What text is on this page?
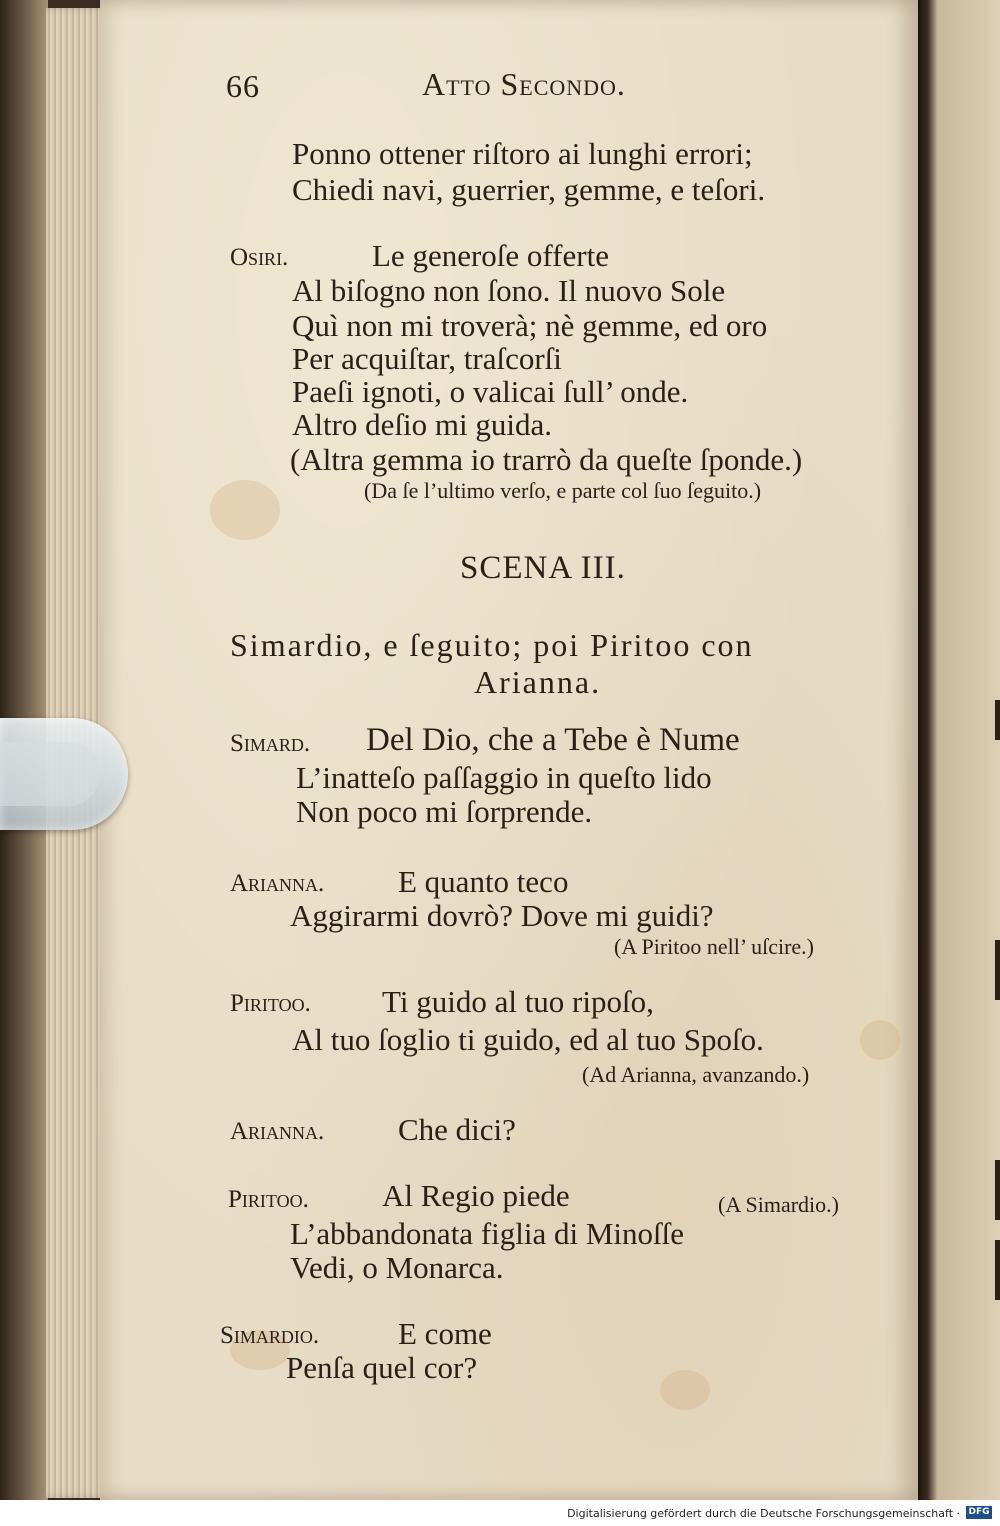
66	Atto Secondo.
Ponno ottener riſtoro ai lunghi errori;
Chiedi navi, guerrier, gemme, e teſori.
Osiri.	Le generoſe offerte
Al biſogno non ſono. Il nuovo Sole
Quì non mi troverà; nè gemme, ed oro
Per acquiſtar, traſcorſi
Paeſi ignoti, o valicai ſull’ onde.
Altro deſio mi guida.
(Altra gemma io trarrò da queſte ſponde.)
(Da ſe l’ultimo verſo, e parte col ſuo ſeguito.)
SCENA III.
Simardio, e ſeguito; poi Piritoo con
Arianna.
Simard. Del Dio, che a Tebe è Nume
L’inatteſo paſſaggio in queſto lido
Non poco mi ſorprende.
Arianna. E quanto teco
Aggirarmi dovrò? Dove mi guidi?
(A Piritoo nell’ uſcire.)
Piritoo. Ti guido al tuo ripoſo,
Al tuo ſoglio ti guido, ed al tuo Spoſo.
(Ad Arianna, avanzando.)
Arianna. Che dici?
Piritoo. Al Regio piede	(A Simardio.)
L’abbandonata figlia di Minoſſe
Vedi, o Monarca.
Simardio.	E come
Penſa quel cor?
Digitalisierung gefördert durch die Deutsche Forschungsgemeinschaft · DFG
